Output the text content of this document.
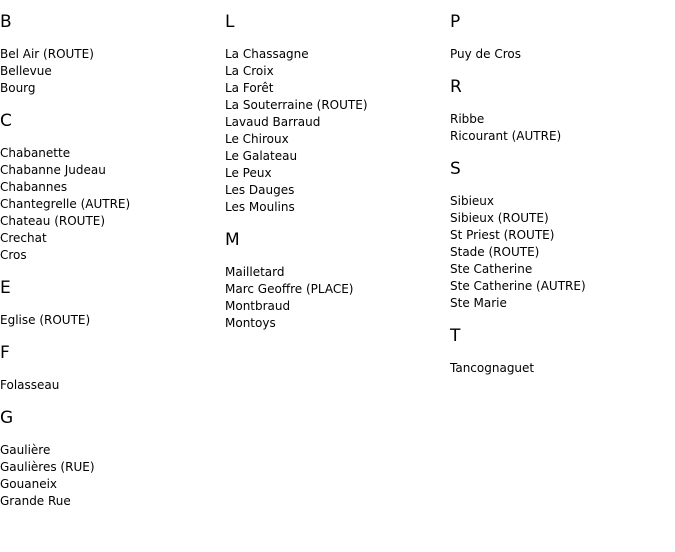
B
Bel Air (ROUTE)
Bellevue
Bourg
C
Chabanette
Chabanne Judeau
Chabannes
Chantegrelle (AUTRE)
Chateau (ROUTE)
Crechat
Cros
E
Eglise (ROUTE)
F
Folasseau
G
Gaulière
Gaulières (RUE)
Gouaneix
Grande Rue
L
La Chassagne
La Croix
La Forêt
La Souterraine (ROUTE)
Lavaud Barraud
Le Chiroux
Le Galateau
Le Peux
Les Dauges
Les Moulins
M
Mailletard
Marc Geoffre (PLACE)
Montbraud
Montoys
P
Puy de Cros
R
Ribbe
Ricourant (AUTRE)
S
Sibieux
Sibieux (ROUTE)
St Priest (ROUTE)
Stade (ROUTE)
Ste Catherine
Ste Catherine (AUTRE)
Ste Marie
T
Tancognaguet
